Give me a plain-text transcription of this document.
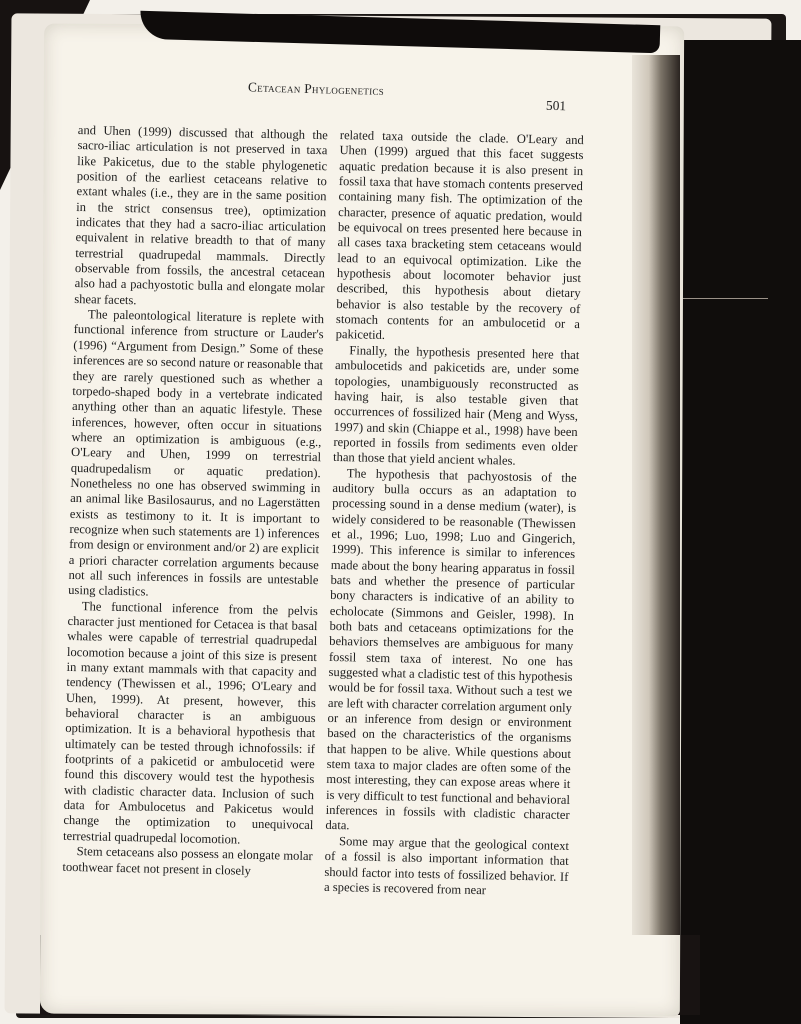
Cetacean Phylogenetics
501

and Uhen (1999) discussed that although the sacro-iliac articulation is not preserved in taxa like Pakicetus, due to the stable phylogenetic position of the earliest cetaceans relative to extant whales (i.e., they are in the same position in the strict consensus tree), optimization indicates that they had a sacro-iliac articulation equivalent in relative breadth to that of many terrestrial quadrupedal mammals. Directly observable from fossils, the ancestral cetacean also had a pachyostotic bulla and elongate molar shear facets.

The paleontological literature is replete with functional inference from structure or Lauder's (1996) “Argument from Design.” Some of these inferences are so second nature or reasonable that they are rarely questioned such as whether a torpedo-shaped body in a vertebrate indicated anything other than an aquatic lifestyle. These inferences, however, often occur in situations where an optimization is ambiguous (e.g., O'Leary and Uhen, 1999 on terrestrial quadrupedalism or aquatic predation). Nonetheless no one has observed swimming in an animal like Basilosaurus, and no Lagerstätten exists as testimony to it. It is important to recognize when such statements are 1) inferences from design or environment and/or 2) are explicit a priori character correlation arguments because not all such inferences in fossils are untestable using cladistics.

The functional inference from the pelvis character just mentioned for Cetacea is that basal whales were capable of terrestrial quadrupedal locomotion because a joint of this size is present in many extant mammals with that capacity and tendency (Thewissen et al., 1996; O'Leary and Uhen, 1999). At present, however, this behavioral character is an ambiguous optimization. It is a behavioral hypothesis that ultimately can be tested through ichnofossils: if footprints of a pakicetid or ambulocetid were found this discovery would test the hypothesis with cladistic character data. Inclusion of such data for Ambulocetus and Pakicetus would change the optimization to unequivocal terrestrial quadrupedal locomotion.

Stem cetaceans also possess an elongate molar toothwear facet not present in closely

related taxa outside the clade. O'Leary and Uhen (1999) argued that this facet suggests aquatic predation because it is also present in fossil taxa that have stomach contents preserved containing many fish. The optimization of the character, presence of aquatic predation, would be equivocal on trees presented here because in all cases taxa bracketing stem cetaceans would lead to an equivocal optimization. Like the hypothesis about locomoter behavior just described, this hypothesis about dietary behavior is also testable by the recovery of stomach contents for an ambulocetid or a pakicetid.

Finally, the hypothesis presented here that ambulocetids and pakicetids are, under some topologies, unambiguously reconstructed as having hair, is also testable given that occurrences of fossilized hair (Meng and Wyss, 1997) and skin (Chiappe et al., 1998) have been reported in fossils from sediments even older than those that yield ancient whales.

The hypothesis that pachyostosis of the auditory bulla occurs as an adaptation to processing sound in a dense medium (water), is widely considered to be reasonable (Thewissen et al., 1996; Luo, 1998; Luo and Gingerich, 1999). This inference is similar to inferences made about the bony hearing apparatus in fossil bats and whether the presence of particular bony characters is indicative of an ability to echolocate (Simmons and Geisler, 1998). In both bats and cetaceans optimizations for the behaviors themselves are ambiguous for many fossil stem taxa of interest. No one has suggested what a cladistic test of this hypothesis would be for fossil taxa. Without such a test we are left with character correlation argument only or an inference from design or environment based on the characteristics of the organisms that happen to be alive. While questions about stem taxa to major clades are often some of the most interesting, they can expose areas where it is very difficult to test functional and behavioral inferences in fossils with cladistic character data.

Some may argue that the geological context of a fossil is also important information that should factor into tests of fossilized behavior. If a species is recovered from near
